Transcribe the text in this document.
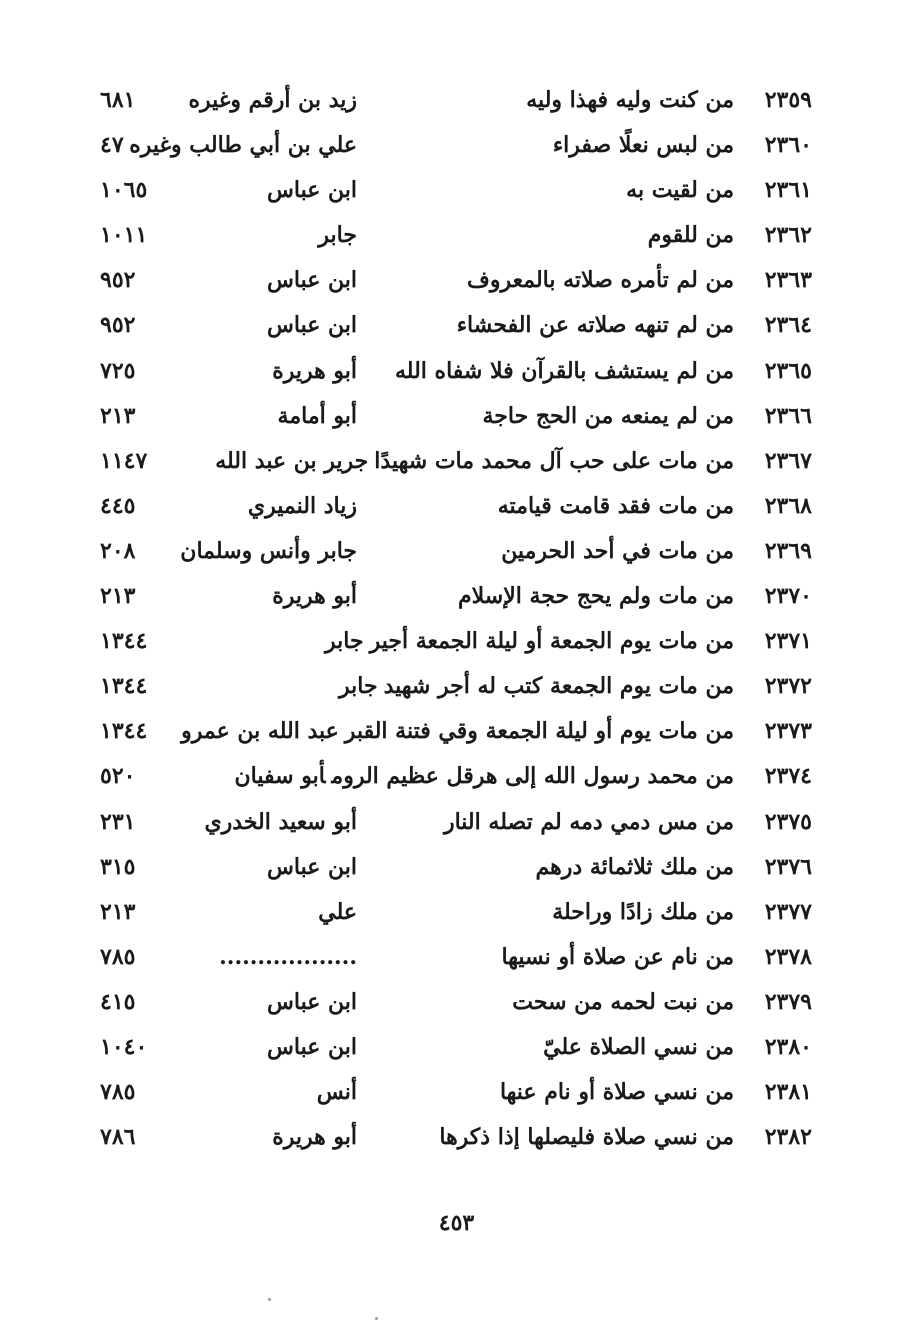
٢٣٥٩
من كنت وليه فهذا وليه
زيد بن أرقم وغيره
٦٨١
٢٣٦٠
من لبس نعلًا صفراء
علي بن أبي طالب وغيره
٤٧
٢٣٦١
من لقيت به
ابن عباس
١٠٦٥
٢٣٦٢
من للقوم
جابر
١٠١١
٢٣٦٣
من لم تأمره صلاته بالمعروف
ابن عباس
٩٥٢
٢٣٦٤
من لم تنهه صلاته عن الفحشاء
ابن عباس
٩٥٢
٢٣٦٥
من لم يستشف بالقرآن فلا شفاه الله
أبو هريرة
٧٢٥
٢٣٦٦
من لم يمنعه من الحج حاجة
أبو أمامة
٢١٣
٢٣٦٧
من مات على حب آل محمد مات شهيدًاجرير بن عبد الله
١١٤٧
٢٣٦٨
من مات فقد قامت قيامته
زياد النميري
٤٤٥
٢٣٦٩
من مات في أحد الحرمين
جابر وأنس وسلمان
٢٠٨
٢٣٧٠
من مات ولم يحج حجة الإسلام
أبو هريرة
٢١٣
٢٣٧١
من مات يوم الجمعة أو ليلة الجمعة أجيرجابر
١٣٤٤
٢٣٧٢
من مات يوم الجمعة كتب له أجر شهيدجابر
١٣٤٤
٢٣٧٣
من مات يوم أو ليلة الجمعة وقي فتنة القبرعبد الله بن عمرو
١٣٤٤
٢٣٧٤
من محمد رسول الله إلى هرقل عظيم الرومأبو سفيان
٥٢٠
٢٣٧٥
من مس دمي دمه لم تصله النار
أبو سعيد الخدري
٢٣١
٢٣٧٦
من ملك ثلاثمائة درهم
ابن عباس
٣١٥
٢٣٧٧
من ملك زادًا وراحلة
علي
٢١٣
٢٣٧٨
من نام عن صلاة أو نسيها
..................
٧٨٥
٢٣٧٩
من نبت لحمه من سحت
ابن عباس
٤١٥
٢٣٨٠
من نسي الصلاة عليّ
ابن عباس
١٠٤٠
٢٣٨١
من نسي صلاة أو نام عنها
أنس
٧٨٥
٢٣٨٢
من نسي صلاة فليصلها إذا ذكرها
أبو هريرة
٧٨٦
٤٥٣
